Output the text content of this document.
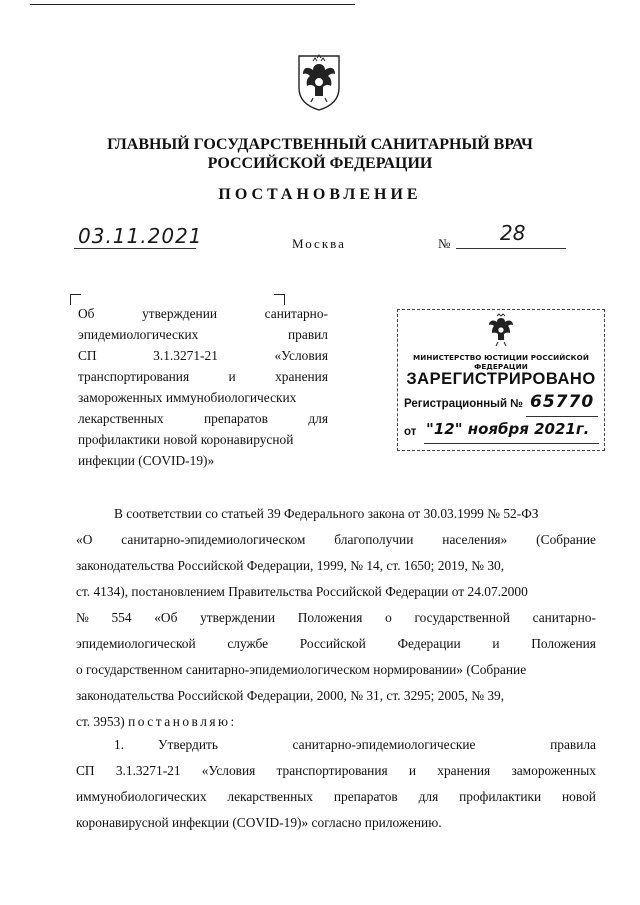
ГЛАВНЫЙ ГОСУДАРСТВЕННЫЙ САНИТАРНЫЙ ВРАЧ
РОССИЙСКОЙ ФЕДЕРАЦИИ
ПОСТАНОВЛЕНИЕ
03.11.2021	Москва	№ 28
Об	утверждении	санитарно-
эпидемиологических	правил
СП	3.1.3271-21	«Условия
транспортирования	и	хранения
замороженных иммунобиологических
лекарственных	препаратов	для
профилактики новой коронавирусной
инфекции (COVID-19)»
МИНИСТЕРСТВО ЮСТИЦИИ РОССИЙСКОЙ ФЕДЕРАЦИИ
ЗАРЕГИСТРИРОВАНО
Регистрационный № 65770
от "12" ноября 2021г.
В соответствии со статьей 39 Федерального закона от 30.03.1999 № 52-ФЗ
«О санитарно-эпидемиологическом благополучии населения» (Собрание
законодательства Российской Федерации, 1999, № 14, ст. 1650; 2019, № 30,
ст. 4134), постановлением Правительства Российской Федерации от 24.07.2000
№ 554 «Об утверждении Положения о государственной санитарно-
эпидемиологической службе Российской Федерации и Положения
о государственном санитарно-эпидемиологическом нормировании» (Собрание
законодательства Российской Федерации, 2000, № 31, ст. 3295; 2005, № 39,
ст. 3953)
постановляю:
1.	Утвердить	санитарно-эпидемиологические	правила
СП 3.1.3271-21 «Условия транспортирования и хранения замороженных
иммунобиологических лекарственных препаратов для профилактики новой
коронавирусной инфекции (COVID-19)» согласно приложению.
